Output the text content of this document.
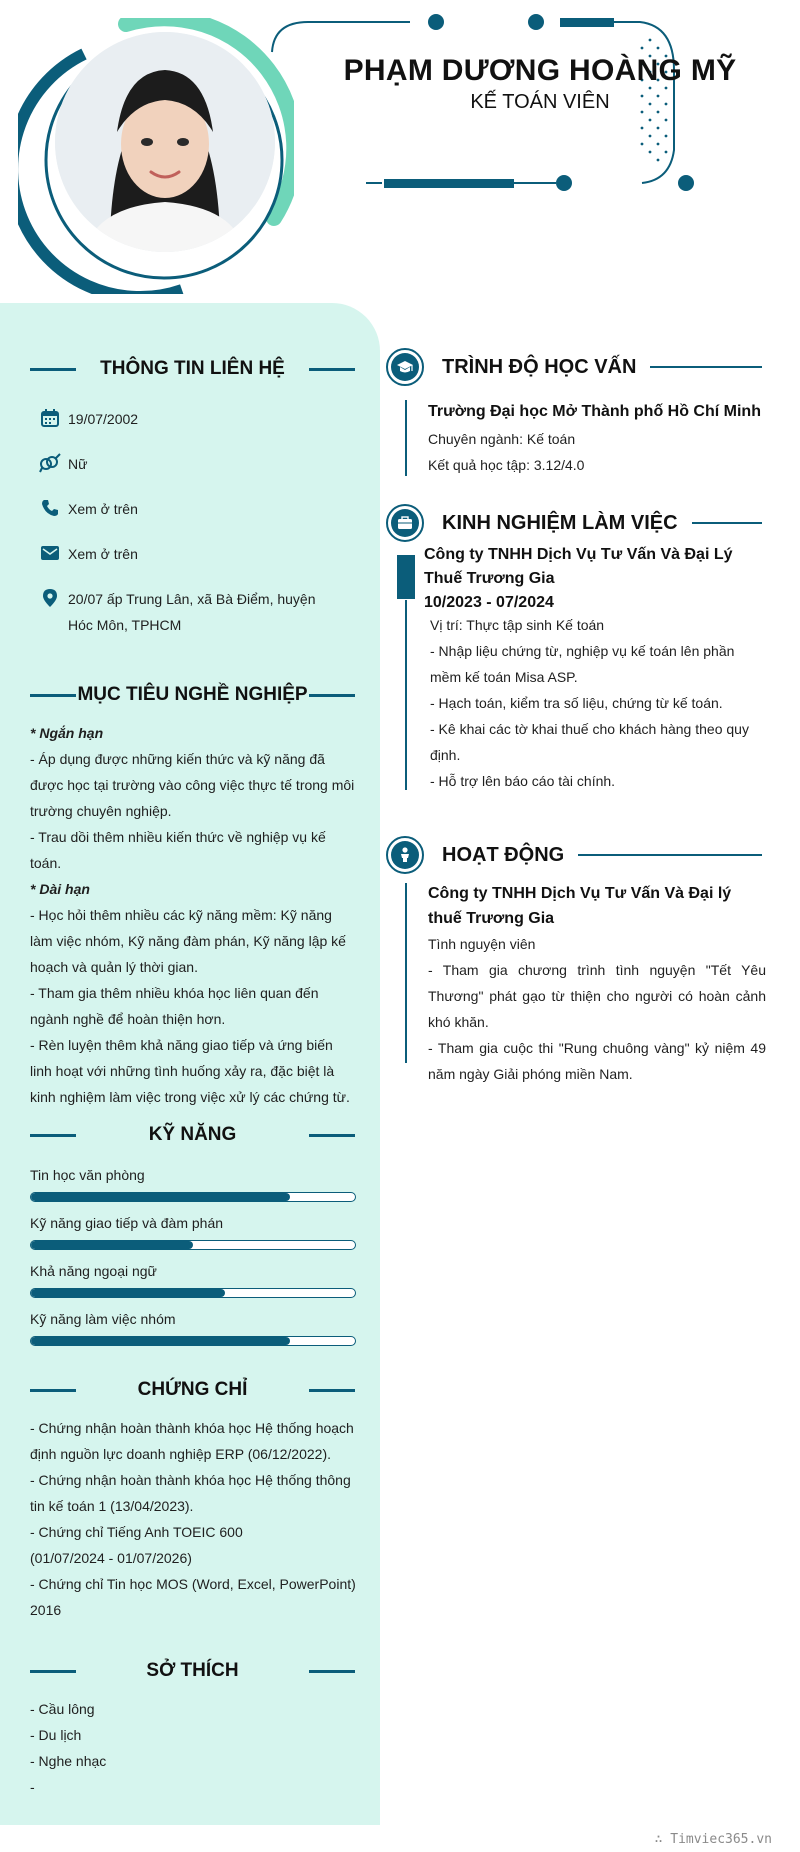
PHẠM DƯƠNG HOÀNG MỸ
KẾ TOÁN VIÊN
THÔNG TIN LIÊN HỆ
19/07/2002
Nữ
Xem ở trên
Xem ở trên
20/07 ấp Trung Lân, xã Bà Điểm, huyện Hóc Môn, TPHCM
MỤC TIÊU NGHỀ NGHIỆP
* Ngắn hạn
- Áp dụng được những kiến thức và kỹ năng đã được học tại trường vào công việc thực tế trong môi trường chuyên nghiệp.
- Trau dồi thêm nhiều kiến thức về nghiệp vụ kế toán.
* Dài hạn
- Học hỏi thêm nhiều các kỹ năng mềm: Kỹ năng làm việc nhóm, Kỹ năng đàm phán, Kỹ năng lập kế hoạch và quản lý thời gian.
- Tham gia thêm nhiều khóa học liên quan đến ngành nghề để hoàn thiện hơn.
- Rèn luyện thêm khả năng giao tiếp và ứng biến linh hoạt với những tình huống xảy ra, đặc biệt là kinh nghiệm làm việc trong việc xử lý các chứng từ.
KỸ NĂNG
Tin học văn phòng
Kỹ năng giao tiếp và đàm phán
Khả năng ngoại ngữ
Kỹ năng làm việc nhóm
CHỨNG CHỈ
- Chứng nhận hoàn thành khóa học Hệ thống hoạch định nguồn lực doanh nghiệp ERP (06/12/2022).
- Chứng nhận hoàn thành khóa học Hệ thống thông tin kế toán 1 (13/04/2023).
- Chứng chỉ Tiếng Anh TOEIC 600
(01/07/2024 - 01/07/2026)
- Chứng chỉ Tin học MOS (Word, Excel, PowerPoint) 2016
SỞ THÍCH
- Cầu lông
- Du lịch
- Nghe nhạc
-
TRÌNH ĐỘ HỌC VẤN
Trường Đại học Mở Thành phố Hồ Chí Minh
Chuyên ngành: Kế toán
Kết quả học tập: 3.12/4.0
KINH NGHIỆM LÀM VIỆC
Công ty TNHH Dịch Vụ Tư Vấn Và Đại Lý Thuế Trương Gia
10/2023 - 07/2024
Vị trí: Thực tập sinh Kế toán
- Nhập liệu chứng từ, nghiệp vụ kế toán lên phần mềm kế toán Misa ASP.
- Hạch toán, kiểm tra số liệu, chứng từ kế toán.
- Kê khai các tờ khai thuế cho khách hàng theo quy định.
- Hỗ trợ lên báo cáo tài chính.
HOẠT ĐỘNG
Công ty TNHH Dịch Vụ Tư Vấn Và Đại lý thuế Trương Gia
Tình nguyện viên
- Tham gia chương trình tình nguyện "Tết Yêu Thương" phát gạo từ thiện cho người có hoàn cảnh khó khăn.
- Tham gia cuộc thi "Rung chuông vàng" kỷ niệm 49 năm ngày Giải phóng miền Nam.
∴ Timviec365.vn
